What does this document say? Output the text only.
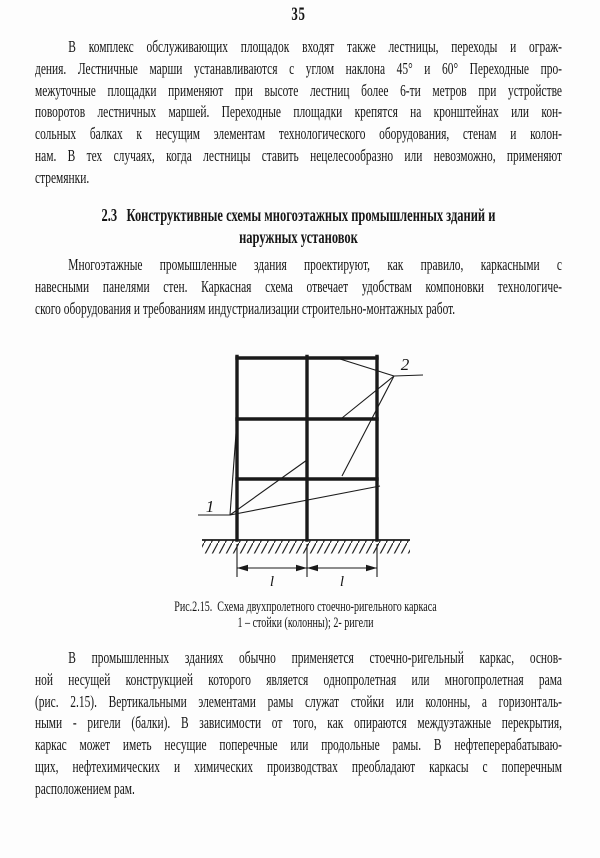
35
В комплекс обслуживающих площадок входят также лестницы, переходы и ограж-
дения. Лестничные марши устанавливаются с углом наклона 45° и 60° Переходные про-
межуточные площадки применяют при высоте лестниц более 6-ти метров при устройстве
поворотов лестничных маршей. Переходные площадки крепятся на кронштейнах или кон-
сольных балках к несущим элементам технологического оборудования, стенам и колон-
нам. В тех случаях, когда лестницы ставить нецелесообразно или невозможно, применяют
стремянки.
2.3   Конструктивные схемы многоэтажных промышленных зданий и
наружных установок
Многоэтажные промышленные здания проектируют, как правило, каркасными с
навесными панелями стен. Каркасная схема отвечает удобствам компоновки технологиче-
ского оборудования и требованиям индустриализации строительно-монтажных работ.
1
2
l	l
Рис.2.15.  Схема двухпролетного стоечно-ригельного каркаса
1 – стойки (колонны); 2- ригели
В промышленных зданиях обычно применяется стоечно-ригельный каркас, основ-
ной несущей конструкцией которого является однопролетная или многопролетная рама
(рис. 2.15). Вертикальными элементами рамы служат стойки или колонны, а горизонталь-
ными - ригели (балки). В зависимости от того, как опираются междуэтажные перекрытия,
каркас может иметь несущие поперечные или продольные рамы. В нефтеперерабатываю-
щих, нефтехимических и химических производствах преобладают каркасы с поперечным
расположением рам.
